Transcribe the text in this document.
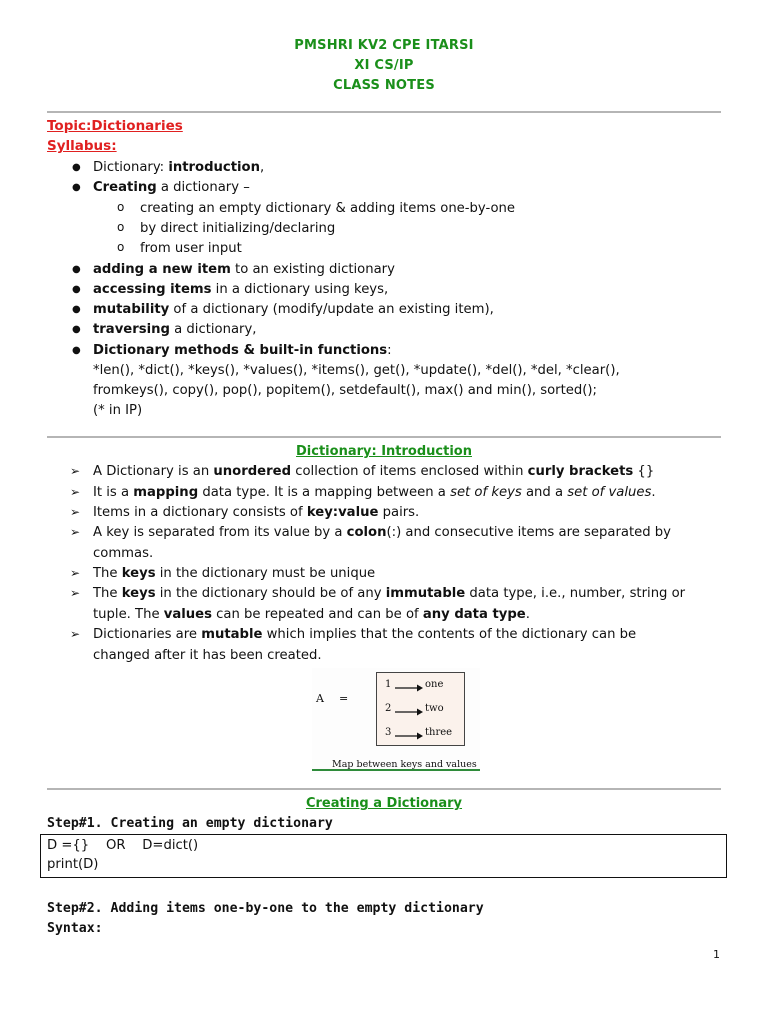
PMSHRI KV2 CPE ITARSI
XI CS/IP
CLASS NOTES
Topic:Dictionaries
Syllabus:
● Dictionary: introduction,
● Creating a dictionary –
o creating an empty dictionary & adding items one-by-one
o by direct initializing/declaring
o from user input
● adding a new item to an existing dictionary
● accessing items in a dictionary using keys,
● mutability of a dictionary (modify/update an existing item),
● traversing a dictionary,
● Dictionary methods & built-in functions:
*len(), *dict(), *keys(), *values(), *items(), get(), *update(), *del(), *del, *clear(),
fromkeys(), copy(), pop(), popitem(), setdefault(), max() and min(), sorted();
(* in IP)
Dictionary: Introduction
➢ A Dictionary is an unordered collection of items enclosed within curly brackets {}
➢ It is a mapping data type. It is a mapping between a set of keys and a set of values.
➢ Items in a dictionary consists of key:value pairs.
➢ A key is separated from its value by a colon(:) and consecutive items are separated by
commas.
➢ The keys in the dictionary must be unique
➢ The keys in the dictionary should be of any immutable data type, i.e., number, string or
tuple. The values can be repeated and can be of any data type.
➢ Dictionaries are mutable which implies that the contents of the dictionary can be
changed after it has been created.
A =
1	one
2	two
3	three
Map between keys and values
Creating a Dictionary
Step#1. Creating an empty dictionary
D ={}    OR    D=dict()
print(D)
Step#2. Adding items one-by-one to the empty dictionary
Syntax:
1
